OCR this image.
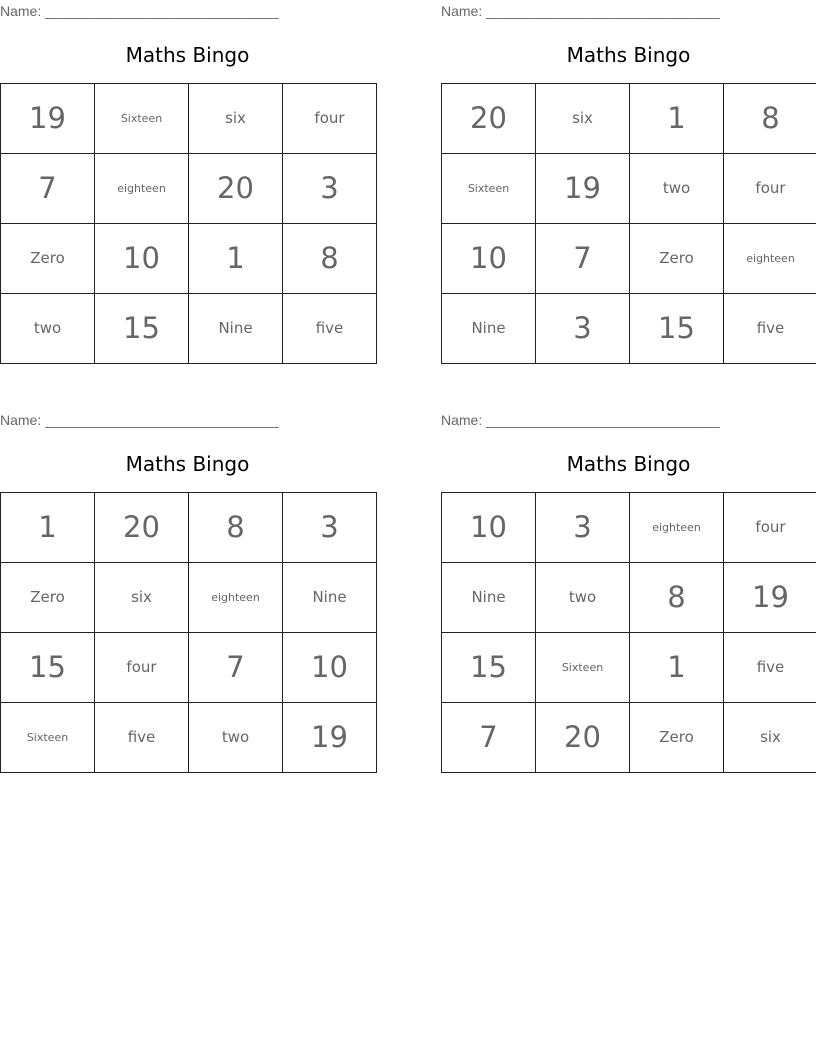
Name: ______________________________
Maths Bingo
19	Sixteen	six	four
7	eighteen	20	3
Zero	10	1	8
two	15	Nine	five
Name: ______________________________
Maths Bingo
20	six	1	8
Sixteen	19	two	four
10	7	Zero	eighteen
Nine	3	15	five
Name: ______________________________
Maths Bingo
1	20	8	3
Zero	six	eighteen	Nine
15	four	7	10
Sixteen	five	two	19
Name: ______________________________
Maths Bingo
10	3	eighteen	four
Nine	two	8	19
15	Sixteen	1	five
7	20	Zero	six
